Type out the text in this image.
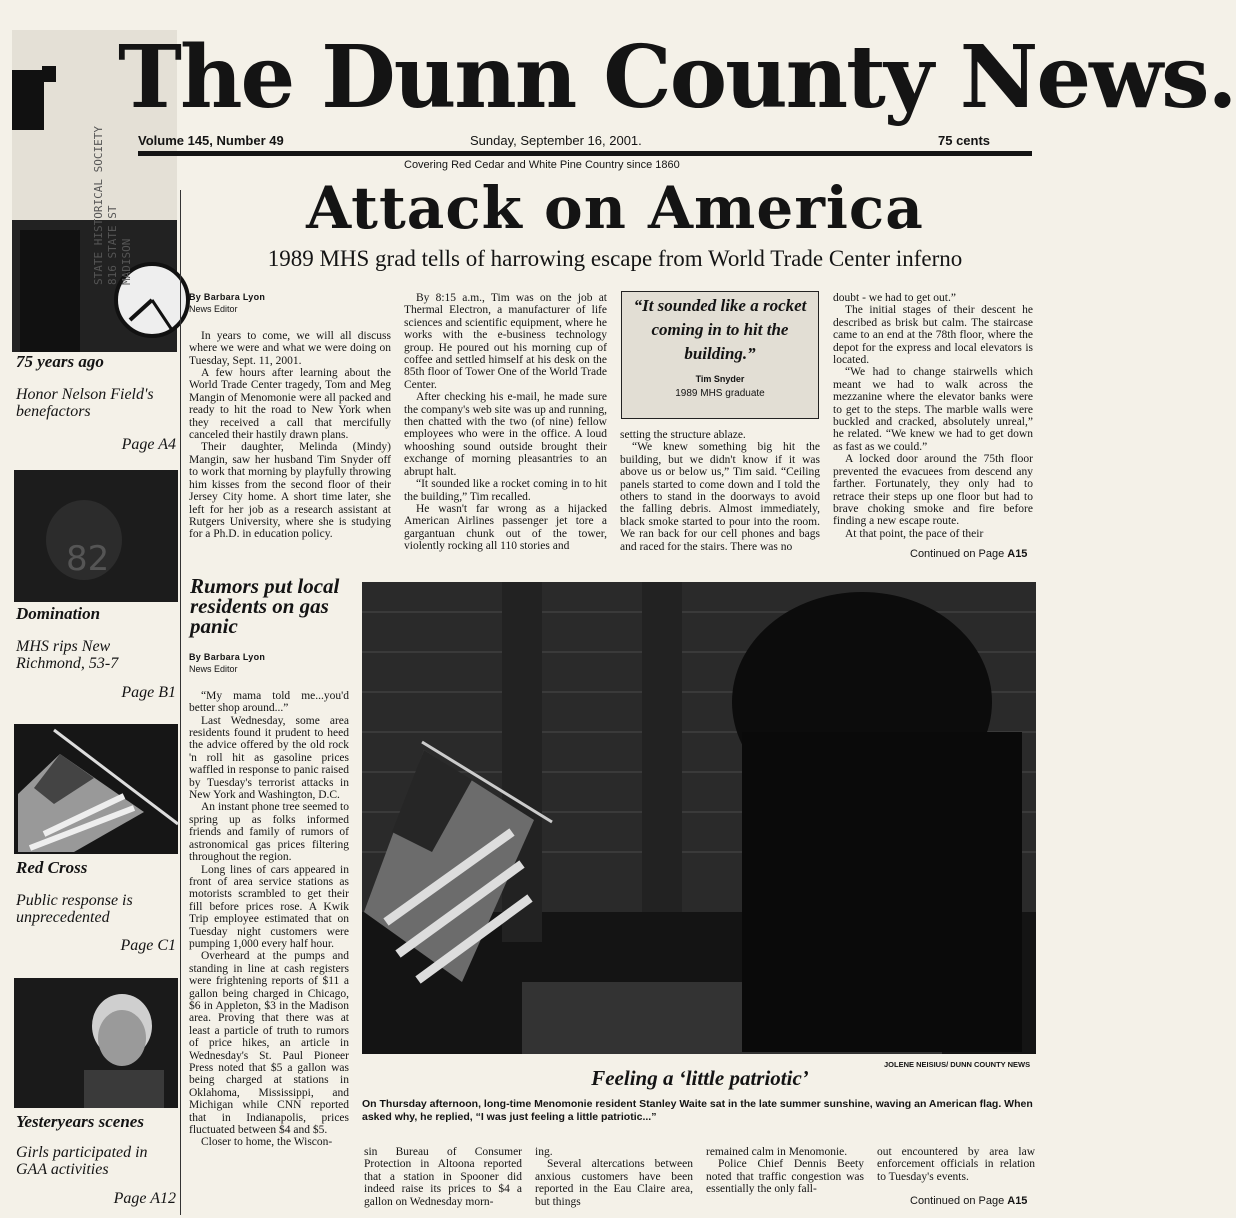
STATE HISTORICAL SOCIETY 816 STATE ST MADISON
The Dunn County News.
Volume 145, Number 49	Sunday, September 16, 2001.	75 cents
Covering Red Cedar and White Pine Country since 1860
75 years ago
Honor Nelson Field's benefactors
Page A4
82
Domination
MHS rips New Richmond, 53-7
Page B1
Red Cross
Public response is unprecedented
Page C1
Yesteryears scenes
Girls participated in GAA activities
Page A12
Attack on America
1989 MHS grad tells of harrowing escape from World Trade Center inferno
By Barbara Lyon
News Editor

In years to come, we will all discuss where we were and what we were doing on Tuesday, Sept. 11, 2001.

A few hours after learning about the World Trade Center tragedy, Tom and Meg Mangin of Menomonie were all packed and ready to hit the road to New York when they received a call that mercifully canceled their hastily drawn plans.

Their daughter, Melinda (Mindy) Mangin, saw her husband Tim Snyder off to work that morning by playfully throwing him kisses from the second floor of their Jersey City home. A short time later, she left for her job as a research assistant at Rutgers University, where she is studying for a Ph.D. in education policy.

By 8:15 a.m., Tim was on the job at Thermal Electron, a manufacturer of life sciences and scientific equipment, where he works with the e-business technology group. He poured out his morning cup of coffee and settled himself at his desk on the 85th floor of Tower One of the World Trade Center.

After checking his e-mail, he made sure the company's web site was up and running, then chatted with the two (of nine) fellow employees who were in the office. A loud whooshing sound outside brought their exchange of morning pleasantries to an abrupt halt.

“It sounded like a rocket coming in to hit the building,” Tim recalled.

He wasn't far wrong as a hijacked American Airlines passenger jet tore a gargantuan chunk out of the tower, violently rocking all 110 stories and

“It sounded like a rocket coming in to hit the building.”
Tim Snyder
1989 MHS graduate

setting the structure ablaze.

“We knew something big hit the building, but we didn't know if it was above us or below us,” Tim said. “Ceiling panels started to come down and I told the others to stand in the doorways to avoid the falling debris. Almost immediately, black smoke started to pour into the room. We ran back for our cell phones and bags and raced for the stairs. There was no

doubt - we had to get out.”

The initial stages of their descent he described as brisk but calm. The staircase came to an end at the 78th floor, where the depot for the express and local elevators is located.

“We had to change stairwells which meant we had to walk across the mezzanine where the elevator banks were to get to the steps. The marble walls were buckled and cracked, absolutely unreal,” he related. “We knew we had to get down as fast as we could.”

A locked door around the 75th floor prevented the evacuees from descend any farther. Fortunately, they only had to retrace their steps up one floor but had to brave choking smoke and fire before finding a new escape route.

At that point, the pace of their

Continued on Page A15
Rumors put local residents on gas panic
By Barbara Lyon
News Editor

“My mama told me...you'd better shop around...”

Last Wednesday, some area residents found it prudent to heed the advice offered by the old rock 'n roll hit as gasoline prices waffled in response to panic raised by Tuesday's terrorist attacks in New York and Washington, D.C.

An instant phone tree seemed to spring up as folks informed friends and family of rumors of astronomical gas prices filtering throughout the region.

Long lines of cars appeared in front of area service stations as motorists scrambled to get their fill before prices rose. A Kwik Trip employee estimated that on Tuesday night customers were pumping 1,000 every half hour.

Overheard at the pumps and standing in line at cash registers were frightening reports of $11 a gallon being charged in Chicago, $6 in Appleton, $3 in the Madison area. Proving that there was at least a particle of truth to rumors of price hikes, an article in Wednesday's St. Paul Pioneer Press noted that $5 a gallon was being charged at stations in Oklahoma, Mississippi, and Michigan while CNN reported that in Indianapolis, prices fluctuated between $4 and $5.

Closer to home, the Wiscon-

JOLENE NEISIUS/ DUNN COUNTY NEWS
Feeling a ‘little patriotic’
On Thursday afternoon, long-time Menomonie resident Stanley Waite sat in the late summer sunshine, waving an American flag. When asked why, he replied, “I was just feeling a little patriotic...”

sin Bureau of Consumer Protection in Altoona reported that a station in Spooner did indeed raise its prices to $4 a gallon on Wednesday morn-

ing.

Several altercations between anxious customers have been reported in the Eau Claire area, but things

remained calm in Menomonie.

Police Chief Dennis Beety noted that traffic congestion was essentially the only fall-

out encountered by area law enforcement officials in relation to Tuesday's events.

Continued on Page A15
